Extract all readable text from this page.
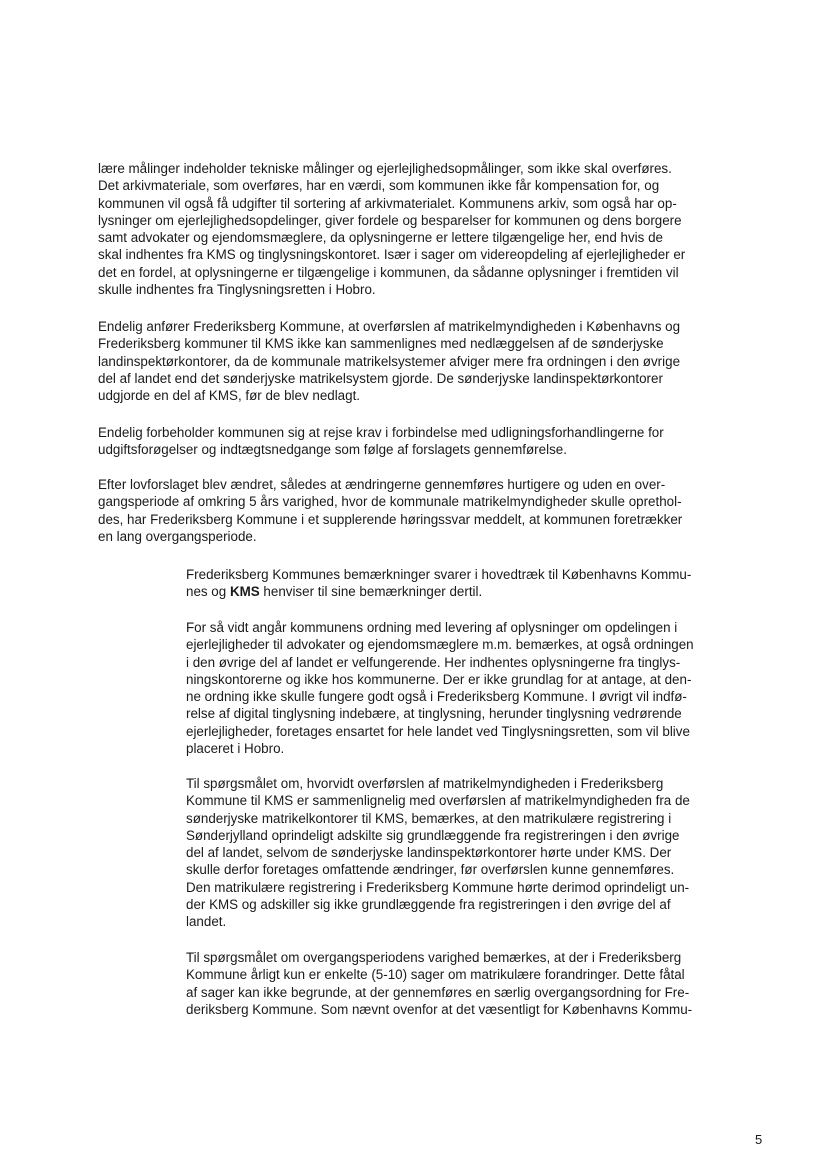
lære målinger indeholder tekniske målinger og ejerlejlighedsopmålinger, som ikke skal overføres.
Det arkivmateriale, som overføres, har en værdi, som kommunen ikke får kompensation for, og
kommunen vil også få udgifter til sortering af arkivmaterialet. Kommunens arkiv, som også har op-
lysninger om ejerlejlighedsopdelinger, giver fordele og besparelser for kommunen og dens borgere
samt advokater og ejendomsmæglere, da oplysningerne er lettere tilgængelige her, end hvis de
skal indhentes fra KMS og tinglysningskontoret. Især i sager om videreopdeling af ejerlejligheder er
det en fordel, at oplysningerne er tilgængelige i kommunen, da sådanne oplysninger i fremtiden vil
skulle indhentes fra Tinglysningsretten i Hobro.

Endelig anfører Frederiksberg Kommune, at overførslen af matrikelmyndigheden i Københavns og
Frederiksberg kommuner til KMS ikke kan sammenlignes med nedlæggelsen af de sønderjyske
landinspektørkontorer, da de kommunale matrikelsystemer afviger mere fra ordningen i den øvrige
del af landet end det sønderjyske matrikelsystem gjorde. De sønderjyske landinspektørkontorer
udgjorde en del af KMS, før de blev nedlagt.

Endelig forbeholder kommunen sig at rejse krav i forbindelse med udligningsforhandlingerne for
udgiftsforøgelser og indtægtsnedgange som følge af forslagets gennemførelse.

Efter lovforslaget blev ændret, således at ændringerne gennemføres hurtigere og uden en over-
gangsperiode af omkring 5 års varighed, hvor de kommunale matrikelmyndigheder skulle oprethol-
des, har Frederiksberg Kommune i et supplerende høringssvar meddelt, at kommunen foretrækker
en lang overgangsperiode.

Frederiksberg Kommunes bemærkninger svarer i hovedtræk til Københavns Kommu-
nes og KMS henviser til sine bemærkninger dertil.

For så vidt angår kommunens ordning med levering af oplysninger om opdelingen i
ejerlejligheder til advokater og ejendomsmæglere m.m. bemærkes, at også ordningen
i den øvrige del af landet er velfungerende. Her indhentes oplysningerne fra tinglys-
ningskontorerne og ikke hos kommunerne. Der er ikke grundlag for at antage, at den-
ne ordning ikke skulle fungere godt også i Frederiksberg Kommune. I øvrigt vil indfø-
relse af digital tinglysning indebære, at tinglysning, herunder tinglysning vedrørende
ejerlejligheder, foretages ensartet for hele landet ved Tinglysningsretten, som vil blive
placeret i Hobro.

Til spørgsmålet om, hvorvidt overførslen af matrikelmyndigheden i Frederiksberg
Kommune til KMS er sammenlignelig med overførslen af matrikelmyndigheden fra de
sønderjyske matrikelkontorer til KMS, bemærkes, at den matrikulære registrering i
Sønderjylland oprindeligt adskilte sig grundlæggende fra registreringen i den øvrige
del af landet, selvom de sønderjyske landinspektørkontorer hørte under KMS. Der
skulle derfor foretages omfattende ændringer, før overførslen kunne gennemføres.
Den matrikulære registrering i Frederiksberg Kommune hørte derimod oprindeligt un-
der KMS og adskiller sig ikke grundlæggende fra registreringen i den øvrige del af
landet.

Til spørgsmålet om overgangsperiodens varighed bemærkes, at der i Frederiksberg
Kommune årligt kun er enkelte (5-10) sager om matrikulære forandringer. Dette fåtal
af sager kan ikke begrunde, at der gennemføres en særlig overgangsordning for Fre-
deriksberg Kommune. Som nævnt ovenfor at det væsentligt for Københavns Kommu-

5
